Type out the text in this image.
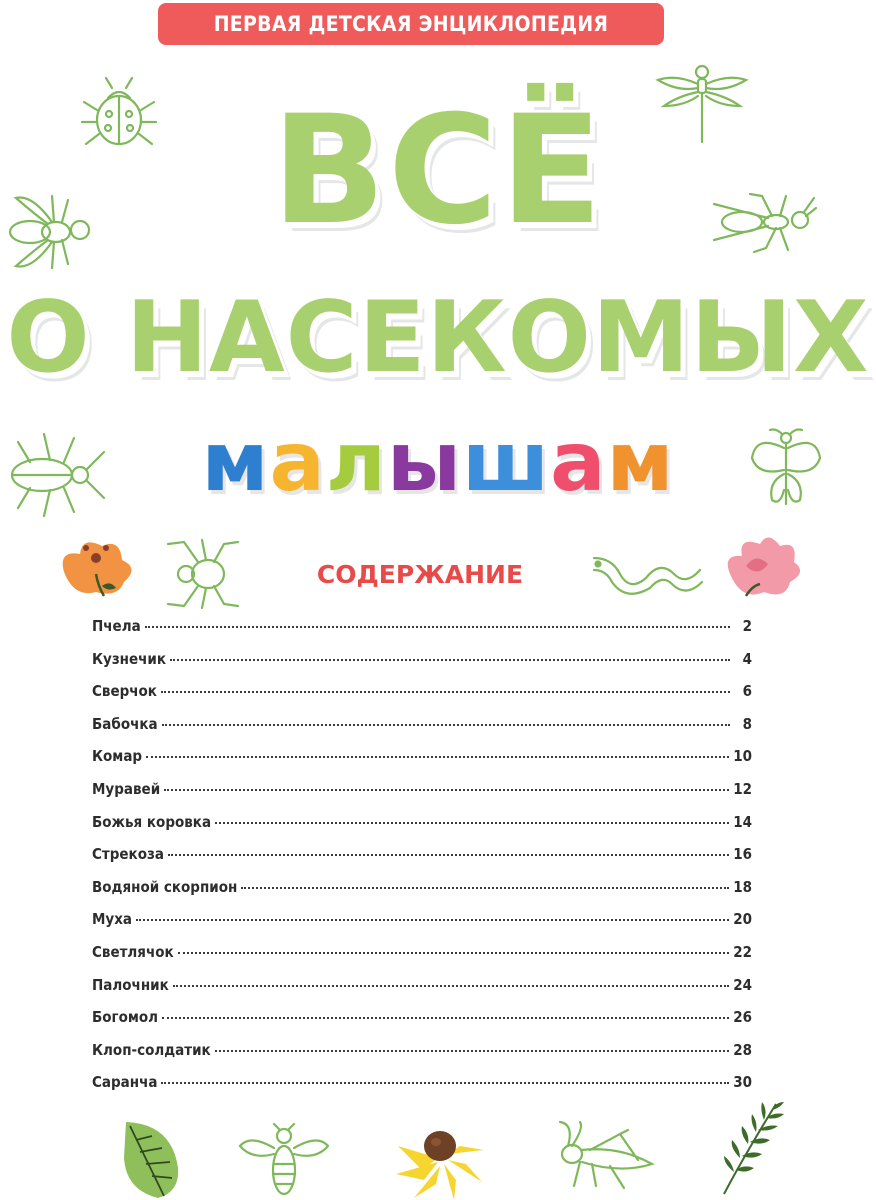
ПЕРВАЯ ДЕТСКАЯ ЭНЦИКЛОПЕДИЯ
ВСЁ
О НАСЕКОМЫХ
малышам
СОДЕРЖАНИЕ
Пчела	2
Кузнечик	4
Сверчок	6
Бабочка	8
Комар	10
Муравей	12
Божья коровка	14
Стрекоза	16
Водяной скорпион	18
Муха	20
Светлячок	22
Палочник	24
Богомол	26
Клоп-солдатик	28
Саранча	30
